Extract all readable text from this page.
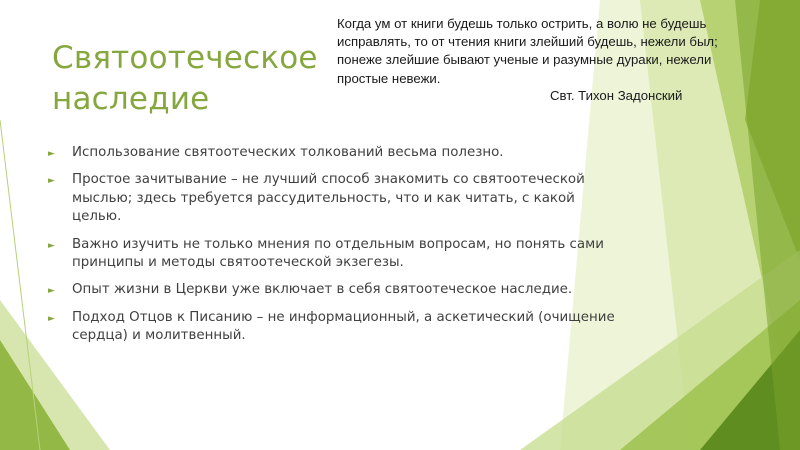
Святоотеческое
наследие
Когда ум от книги будешь только острить, а волю не будешь исправлять, то от чтения книги злейший будешь, нежели был; понеже злейшие бывают ученые и разумные дураки, нежели простые невежи.
Свт. Тихон Задонский
► Использование святоотеческих толкований весьма полезно.
► Простое зачитывание – не лучший способ знакомить со святоотеческой мыслью; здесь требуется рассудительность, что и как читать, с какой целью.
► Важно изучить не только мнения по отдельным вопросам, но понять сами принципы и методы святоотеческой экзегезы.
► Опыт жизни в Церкви уже включает в себя святоотеческое наследие.
► Подход Отцов к Писанию – не информационный, а аскетический (очищение сердца) и молитвенный.
